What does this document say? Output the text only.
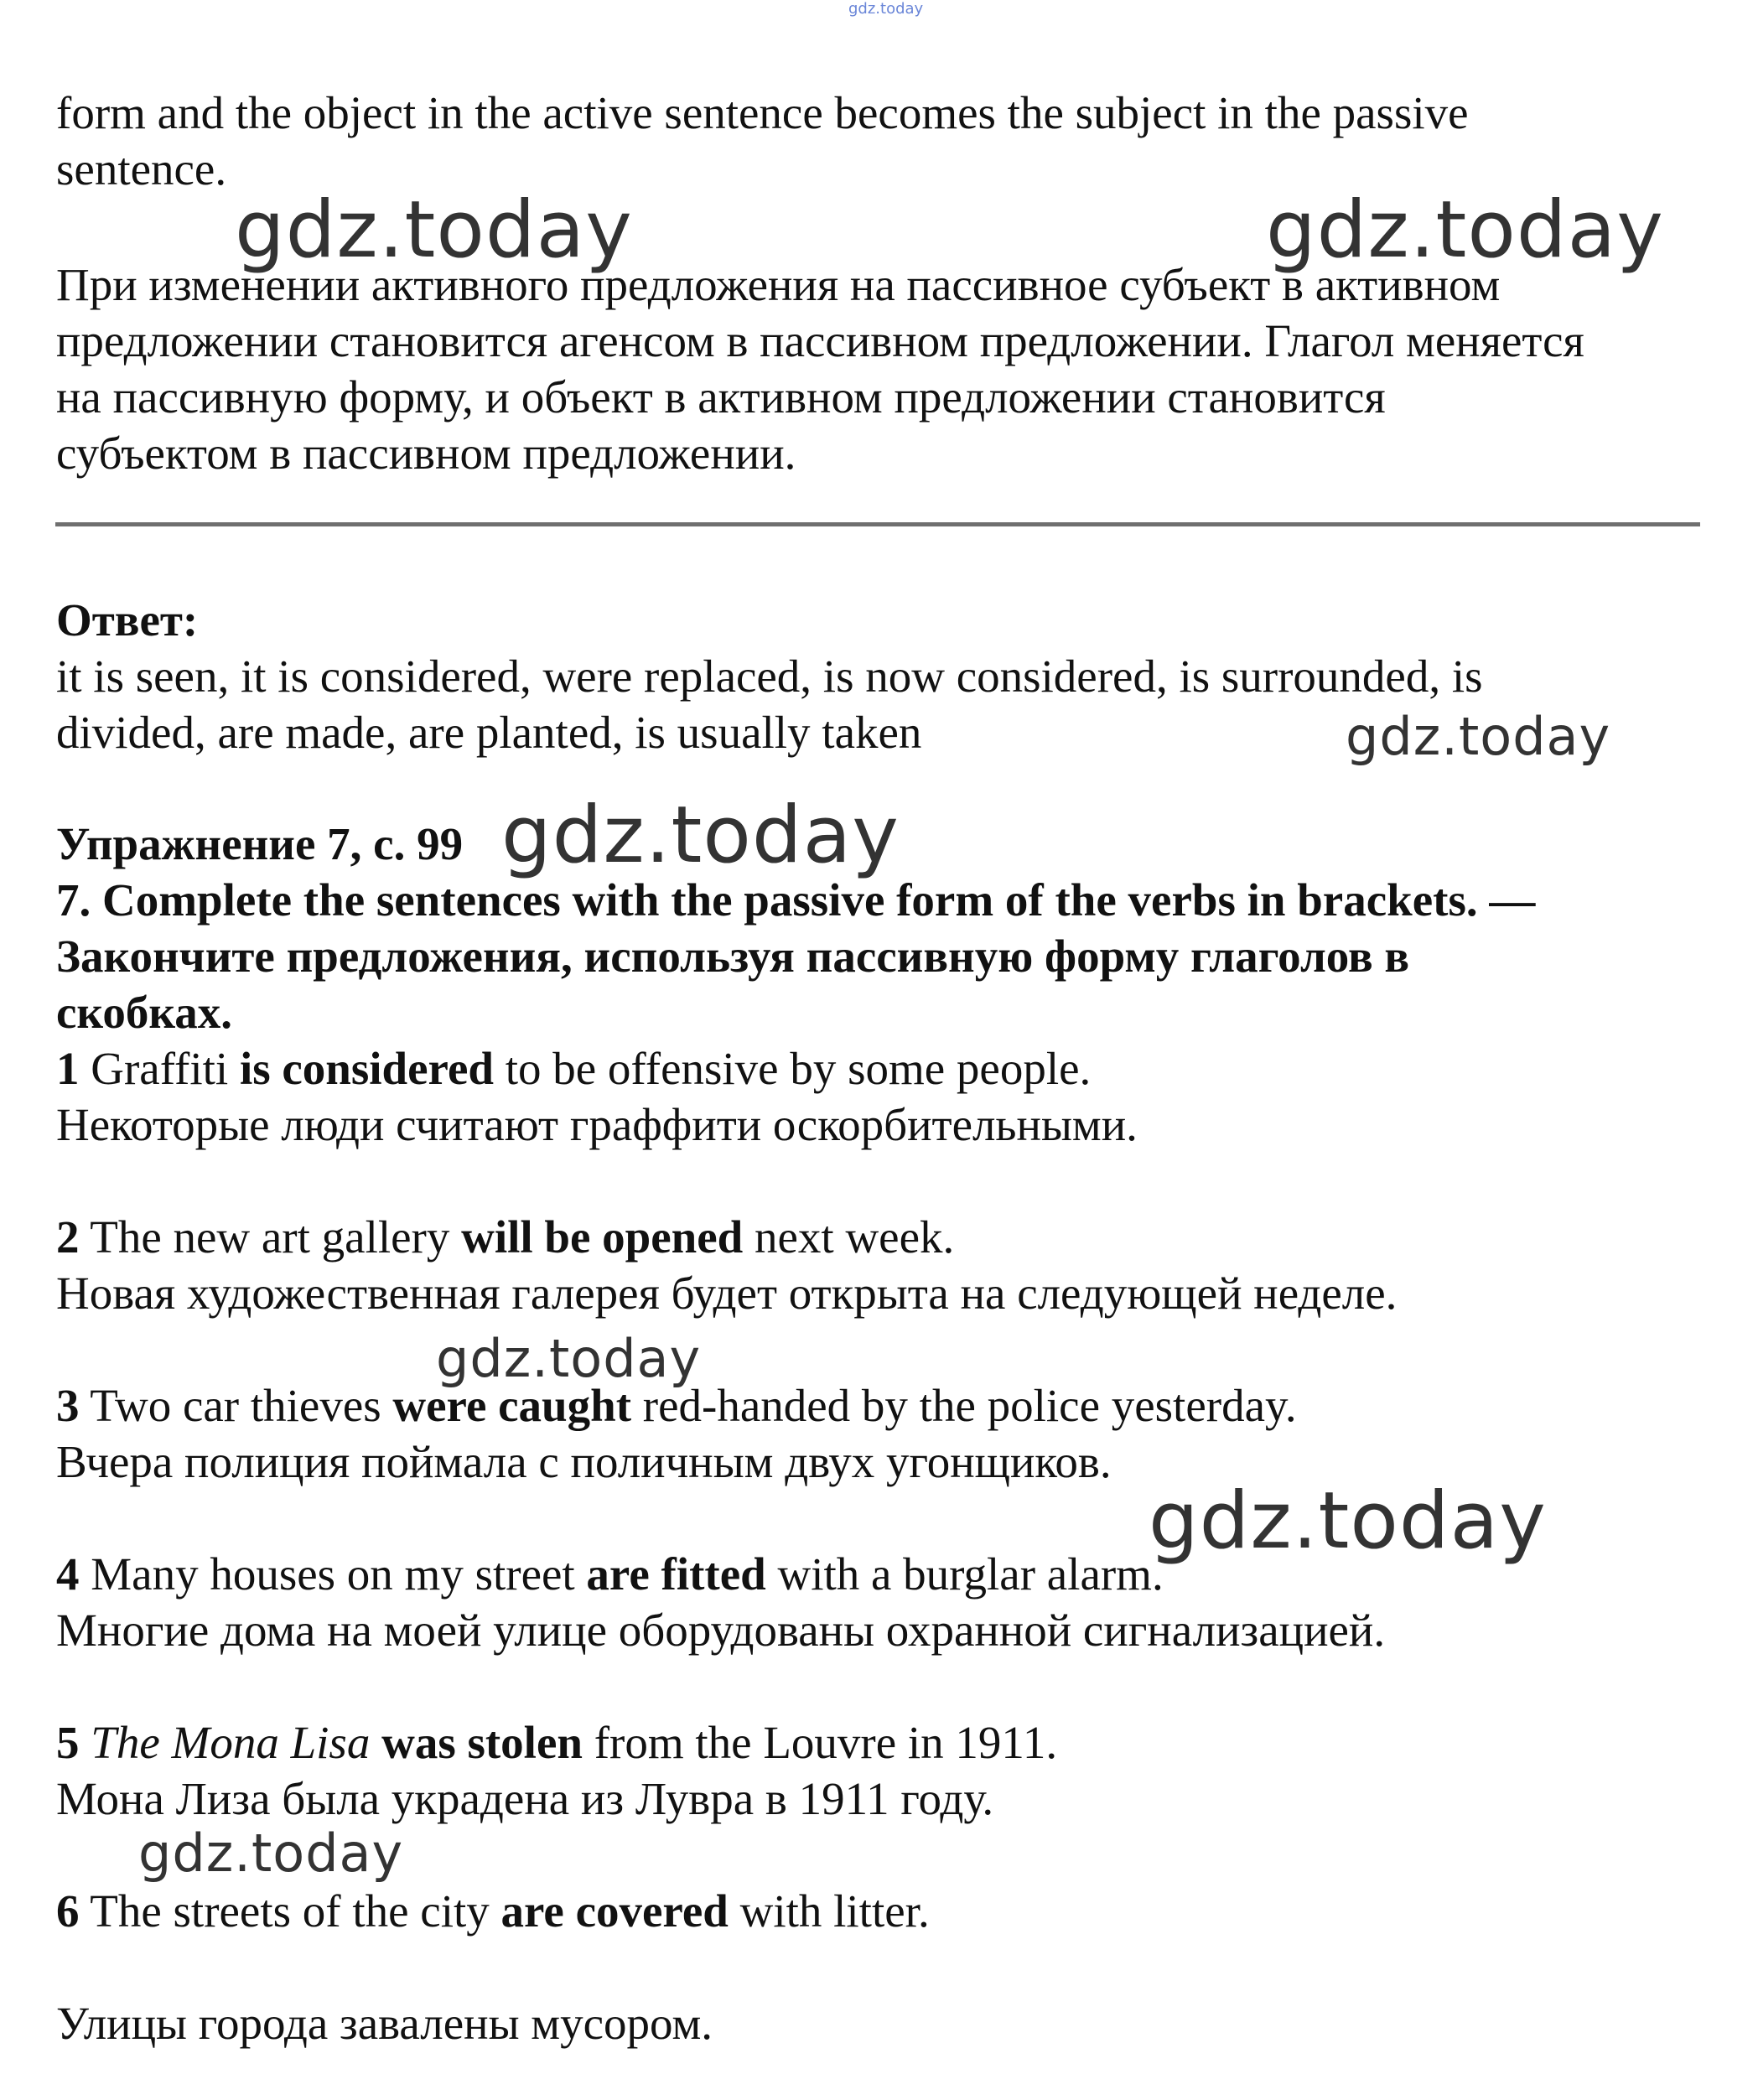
gdz.today

form and the object in the active sentence becomes the subject in the passive

sentence.

При изменении активного предложения на пассивное субъект в активном

предложении становится агенсом в пассивном предложении. Глагол меняется

на пассивную форму, и объект в активном предложении становится

субъектом в пассивном предложении.

Ответ:

it is seen, it is considered, were replaced, is now considered, is surrounded, is

divided, are made, are planted, is usually taken

Упражнение 7, с. 99

7. Complete the sentences with the passive form of the verbs in brackets. —

Закончите предложения, используя пассивную форму глаголов в

скобках.

1 Graffiti is considered to be offensive by some people.

Некоторые люди считают граффити оскорбительными.

2 The new art gallery will be opened next week.

Новая художественная галерея будет открыта на следующей неделе.

3 Two car thieves were caught red-handed by the police yesterday.

Вчера полиция поймала с поличным двух угонщиков.

4 Many houses on my street are fitted with a burglar alarm.

Многие дома на моей улице оборудованы охранной сигнализацией.

5 The Mona Lisa was stolen from the Louvre in 1911.

Мона Лиза была украдена из Лувра в 1911 году.

6 The streets of the city are covered with litter.

Улицы города завалены мусором.

gdz.today	gdz.today
gdz.today
gdz.today
gdz.today
gdz.today
gdz.today
